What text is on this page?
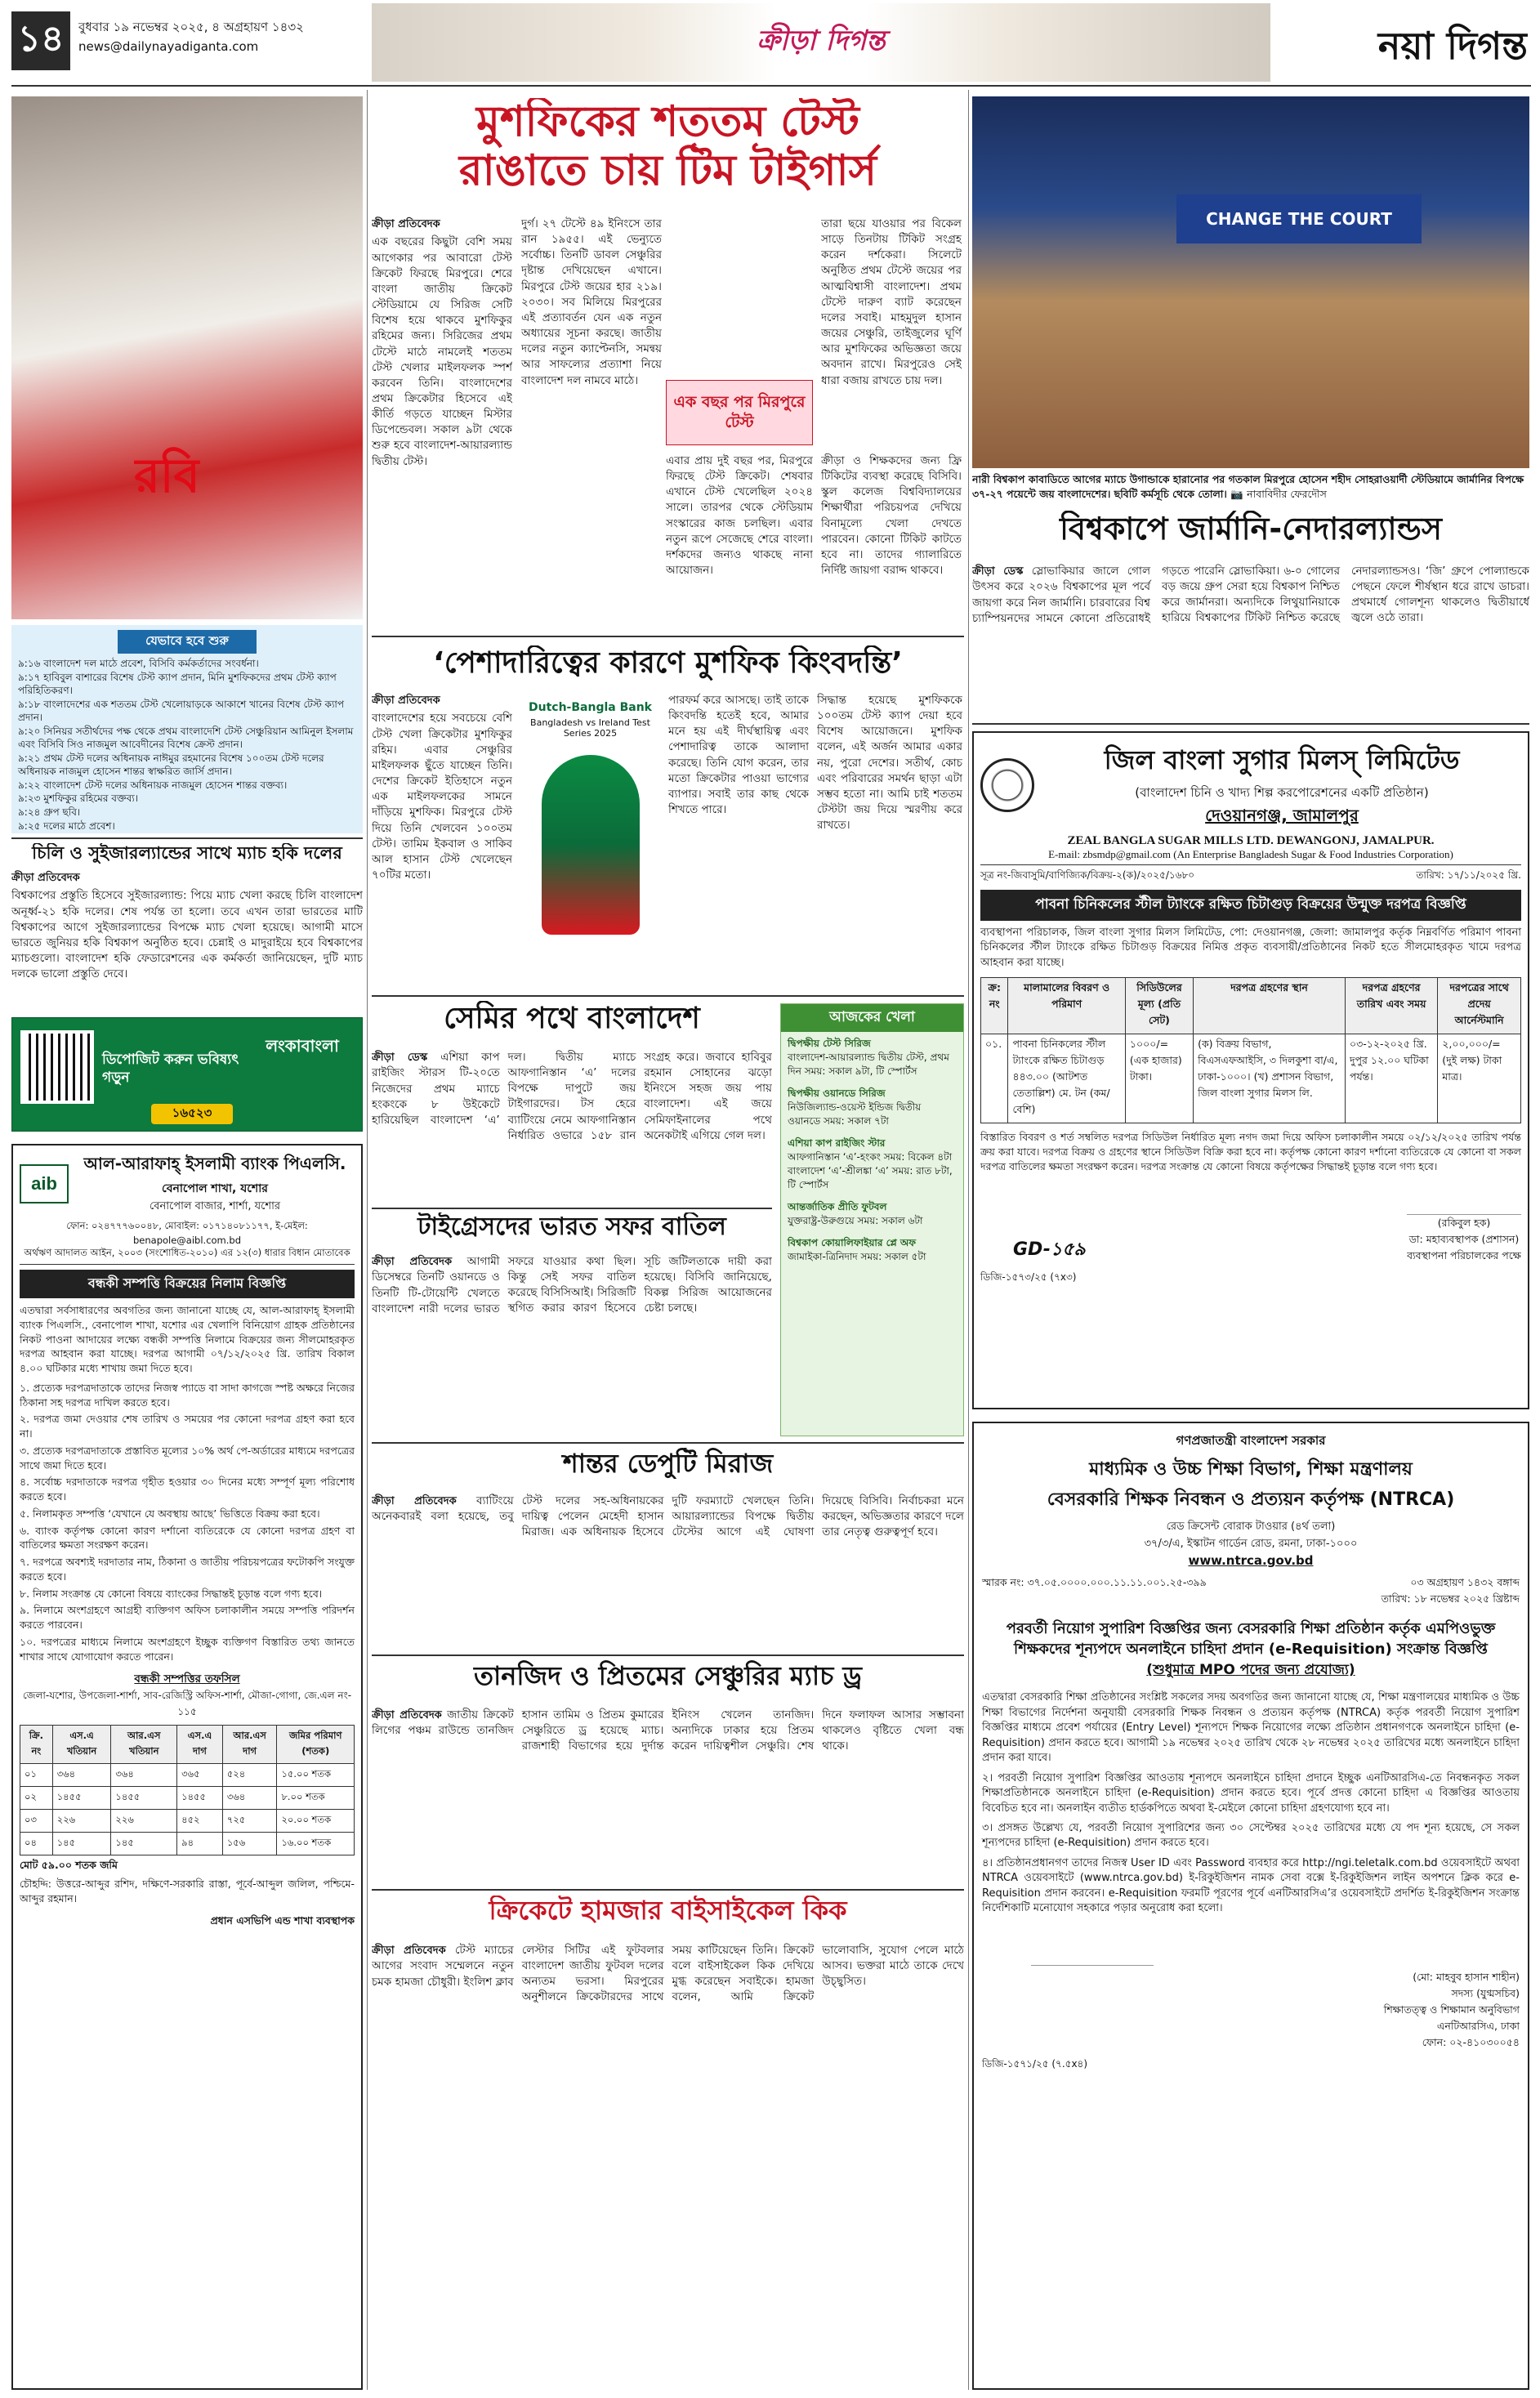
১৪ বুধবার ১৯ নভেম্বর ২০২৫, ৪ অগ্রহায়ণ ১৪৩২
news@dailynayadiganta.com	ক্রীড়া দিগন্ত	নয়া দিগন্ত
রবি
মুশফিকের শততম টেস্ট
রাঙাতে চায় টিম টাইগার্স

ক্রীড়া প্রতিবেদক

এক বছরের কিছুটা বেশি সময় আগেকার পর আবারো টেস্ট ক্রিকেট ফিরছে মিরপুরে। শেরে বাংলা জাতীয় ক্রিকেট স্টেডিয়ামে যে সিরিজ সেটি বিশেষ হয়ে থাকবে মুশফিকুর রহিমের জন্য। সিরিজের প্রথম টেস্টে মাঠে নামলেই শততম টেস্ট খেলার মাইলফলক স্পর্শ করবেন তিনি। বাংলাদেশের প্রথম ক্রিকেটার হিসেবে এই কীর্তি গড়তে যাচ্ছেন মিস্টার ডিপেন্ডেবল। সকাল ৯টা থেকে শুরু হবে বাংলাদেশ-আয়ারল্যান্ড দ্বিতীয় টেস্ট।

দুর্গ। ২৭ টেস্টে ৪৯ ইনিংসে তার রান ১৯৫৫। এই ভেন্যুতে সর্বোচ্চ। তিনটি ডাবল সেঞ্চুরির দৃষ্টান্ত দেখিয়েছেন এখানে। মিরপুরে টেস্ট জয়ের হার ২১৯। ২০৩০। সব মিলিয়ে মিরপুরের এই প্রত্যাবর্তন যেন এক নতুন অধ্যায়ের সূচনা করছে। জাতীয় দলের নতুন ক্যাপ্টেনসি, সমন্বয় আর সাফল্যের প্রত্যাশা নিয়ে বাংলাদেশ দল নামবে মাঠে।

এক বছর পর মিরপুরে টেস্ট

তারা ছয়ে যাওয়ার পর বিকেল সাড়ে তিনটায় টিকিট সংগ্রহ করেন দর্শকেরা। সিলেটে অনুষ্ঠিত প্রথম টেস্টে জয়ের পর আত্মবিশ্বাসী বাংলাদেশ। প্রথম টেস্টে দারুণ ব্যাট করেছেন দলের সবাই। মাহমুদুল হাসান জয়ের সেঞ্চুরি, তাইজুলের ঘূর্ণি আর মুশফিকের অভিজ্ঞতা জয়ে অবদান রাখে। মিরপুরেও সেই ধারা বজায় রাখতে চায় দল।

এবার প্রায় দুই বছর পর, মিরপুরে ফিরছে টেস্ট ক্রিকেট। শেষবার এখানে টেস্ট খেলেছিল ২০২৪ সালে। তারপর থেকে স্টেডিয়াম সংস্কারের কাজ চলছিল। এবার নতুন রূপে সেজেছে শেরে বাংলা। দর্শকদের জন্যও থাকছে নানা আয়োজন।

ক্রীড়া ও শিক্ষকদের জন্য ফ্রি টিকিটের ব্যবস্থা করেছে বিসিবি। স্কুল কলেজ বিশ্ববিদ্যালয়ের শিক্ষার্থীরা পরিচয়পত্র দেখিয়ে বিনামূল্যে খেলা দেখতে পারবেন। কোনো টিকিট কাটতে হবে না। তাদের গ্যালারিতে নির্দিষ্ট জায়গা বরাদ্দ থাকবে।

CHANGE THE COURT
নারী বিশ্বকাপ কাবাডিতে আগের ম্যাচে উগান্ডাকে হারানোর পর গতকাল মিরপুরে হোসেন শহীদ সোহরাওয়ার্দী স্টেডিয়ামে জার্মানির বিপক্ষে ৩৭-২৭ পয়েন্টে জয় বাংলাদেশের। ছবিটি কর্মসূচি থেকে তোলা। 📷 নাবাবিদীর ফেরদৌস
বিশ্বকাপে জার্মানি-নেদারল্যান্ডস
ক্রীড়া ডেস্ক স্লোভাকিয়ার জালে গোল উৎসব করে ২০২৬ বিশ্বকাপের মূল পর্বে জায়গা করে নিল জার্মানি। চারবারের বিশ্ব চ্যাম্পিয়নদের সামনে কোনো প্রতিরোধই গড়তে পারেনি স্লোভাকিয়া। ৬-০ গোলের বড় জয়ে গ্রুপ সেরা হয়ে বিশ্বকাপ নিশ্চিত করে জার্মানরা। অন্যদিকে লিথুয়ানিয়াকে হারিয়ে বিশ্বকাপের টিকিট নিশ্চিত করেছে নেদারল্যান্ডসও। ‘জি’ গ্রুপে পোল্যান্ডকে পেছনে ফেলে শীর্ষস্থান ধরে রাখে ডাচরা। প্রথমার্ধে গোলশূন্য থাকলেও দ্বিতীয়ার্ধে জ্বলে ওঠে তারা।
যেভাবে হবে শুরু
৯:১৬ বাংলাদেশ দল মাঠে প্রবেশ, বিসিবি কর্মকর্তাদের সংবর্ধনা।
৯:১৭ হাবিবুল বাশারের বিশেষ টেস্ট ক্যাপ প্রদান, মিনি মুশফিকদের প্রথম টেস্ট ক্যাপ পরিহিতিকরণ।
৯:১৮ বাংলাদেশের এক শততম টেস্ট খেলোয়াড়কে আকাশে খানের বিশেষ টেস্ট ক্যাপ প্রদান।
৯:২০ সিনিয়র সতীর্থদের পক্ষ থেকে প্রথম বাংলাদেশি টেস্ট সেঞ্চুরিয়ান আমিনুল ইসলাম এবং বিসিবি সিও নাজমুল আবেদীনের বিশেষ ক্রেস্ট প্রদান।
৯:২১ প্রথম টেস্ট দলের অধিনায়ক নাঈমুর রহমানের বিশেষ ১০০তম টেস্ট দলের অধিনায়ক নাজমুল হোসেন শান্তর স্বাক্ষরিত জার্সি প্রদান।
৯:২২ বাংলাদেশ টেস্ট দলের অধিনায়ক নাজমুল হোসেন শান্তর বক্তব্য।
৯:২৩ মুশফিকুর রহিমের বক্তব্য।
৯:২৪ গ্রুপ ছবি।
৯:২৫ দলের মাঠে প্রবেশ।
‘পেশাদারিত্বের কারণে মুশফিক কিংবদন্তি’

ক্রীড়া প্রতিবেদক

বাংলাদেশের হয়ে সবচেয়ে বেশি টেস্ট খেলা ক্রিকেটার মুশফিকুর রহিম। এবার সেঞ্চুরির মাইলফলক ছুঁতে যাচ্ছেন তিনি। দেশের ক্রিকেট ইতিহাসে নতুন এক মাইলফলকের সামনে দাঁড়িয়ে মুশফিক। মিরপুরে টেস্ট দিয়ে তিনি খেলবেন ১০০তম টেস্ট। তামিম ইকবাল ও সাকিব আল হাসান টেস্ট খেলেছেন ৭০টির মতো।

Dutch-Bangla Bank
Bangladesh vs Ireland Test Series 2025

পারফর্ম করে আসছে। তাই তাকে কিংবদন্তি হতেই হবে, আমার মনে হয় এই দীর্ঘস্থায়িত্ব এবং পেশাদারিত্ব তাকে আলাদা করেছে। তিনি যোগ করেন, তার মতো ক্রিকেটার পাওয়া ভাগ্যের ব্যাপার। সবাই তার কাছ থেকে শিখতে পারে।

সিদ্ধান্ত হয়েছে মুশফিককে ১০০তম টেস্ট ক্যাপ দেয়া হবে বিশেষ আয়োজনে। মুশফিক বলেন, এই অর্জন আমার একার নয়, পুরো দেশের। সতীর্থ, কোচ এবং পরিবারের সমর্থন ছাড়া এটা সম্ভব হতো না। আমি চাই শততম টেস্টটা জয় দিয়ে স্মরণীয় করে রাখতে।

জিল বাংলা সুগার মিলস্ লিমিটেড
(বাংলাদেশ চিনি ও খাদ্য শিল্প করপোরেশনের একটি প্রতিষ্ঠান)
দেওয়ানগঞ্জ, জামালপুর
ZEAL BANGLA SUGAR MILLS LTD. DEWANGONJ, JAMALPUR.
E-mail: zbsmdp@gmail.com (An Enterprise Bangladesh Sugar & Food Industries Corporation)
সূত্র নং-জিবাসুমি/বাণিজ্যিক/বিক্রয়-২(ক)/২০২৫/১৬৮০	তারিখ: ১৭/১১/২০২৫ খ্রি.
পাবনা চিনিকলের স্টীল ট্যাংকে রক্ষিত চিটাগুড় বিক্রয়ের উন্মুক্ত দরপত্র বিজ্ঞপ্তি
ব্যবস্থাপনা পরিচালক, জিল বাংলা সুগার মিলস লিমিটেড, পো: দেওয়ানগঞ্জ, জেলা: জামালপুর কর্তৃক নিম্নবর্ণিত পরিমাণ পাবনা চিনিকলের স্টীল ট্যাংকে রক্ষিত চিটাগুড় বিক্রয়ের নিমিত্ত প্রকৃত ব্যবসায়ী/প্রতিষ্ঠানের নিকট হতে সীলমোহরকৃত খামে দরপত্র আহবান করা যাচ্ছে।
ক্র: নং	মালামালের বিবরণ ও পরিমাণ	সিডিউলের মূল্য (প্রতি সেট)	দরপত্র গ্রহণের স্থান	দরপত্র গ্রহণের তারিখ এবং সময়	দরপত্রের সাথে প্রদেয় আর্নেস্টমানি
০১.	পাবনা চিনিকলের স্টীল ট্যাংকে রক্ষিত চিটাগুড় ৪৪৩.০০ (আটশত তেতাল্লিশ) মে. টন (কম/বেশি)	১০০০/= (এক হাজার) টাকা।	(ক) বিক্রয় বিভাগ, বিএসএফআইসি, ৩ দিলকুশা বা/এ, ঢাকা-১০০০। (খ) প্রশাসন বিভাগ, জিল বাংলা সুগার মিলস লি.	০৩-১২-২০২৫ খ্রি. দুপুর ১২.০০ ঘটিকা পর্যন্ত।	২,০০,০০০/= (দুই লক্ষ) টাকা মাত্র।
বিস্তারিত বিবরণ ও শর্ত সম্বলিত দরপত্র সিডিউল নির্ধারিত মূল্য নগদ জমা দিয়ে অফিস চলাকালীন সময়ে ০২/১২/২০২৫ তারিখ পর্যন্ত ক্রয় করা যাবে। দরপত্র বিক্রয় ও গ্রহণের স্থানে সিডিউল বিক্রি করা হবে না। কর্তৃপক্ষ কোনো কারণ দর্শানো ব্যতিরেকে যে কোনো বা সকল দরপত্র বাতিলের ক্ষমতা সংরক্ষণ করেন। দরপত্র সংক্রান্ত যে কোনো বিষয়ে কর্তৃপক্ষের সিদ্ধান্তই চূড়ান্ত বলে গণ্য হবে।
GD-১৫৯
(রকিবুল হক)
ডা: মহাব্যবস্থাপক (প্রশাসন)
ব্যবস্থাপনা পরিচালকের পক্ষে
ডিজি-১৫৭৩/২৫ (৭x৩)
চিলি ও সুইজারল্যান্ডের সাথে ম্যাচ হকি দলের

ক্রীড়া প্রতিবেদক

বিশ্বকাপের প্রস্তুতি হিসেবে সুইজারল্যান্ড: পিয়ে ম্যাচ খেলা করছে চিলি বাংলাদেশ অনূর্ধ্ব-২১ হকি দলের। শেষ পর্যন্ত তা হলো। তবে এখন তারা ভারতের মাটি বিশ্বকাপের আগে সুইজারল্যান্ডের বিপক্ষে ম্যাচ খেলা হয়েছে। আগামী মাসে ভারতে জুনিয়র হকি বিশ্বকাপ অনুষ্ঠিত হবে। চেন্নাই ও মাদুরাইয়ে হবে বিশ্বকাপের ম্যাচগুলো। বাংলাদেশ হকি ফেডারেশনের এক কর্মকর্তা জানিয়েছেন, দুটি ম্যাচ দলকে ভালো প্রস্তুতি দেবে।

ডিপোজিট করুন ভবিষ্যৎ গড়ুন
লংকাবাংলা
১৬৫২৩
সেমির পথে বাংলাদেশ
ক্রীড়া ডেস্ক এশিয়া কাপ রাইজিং স্টারস টি-২০তে নিজেদের প্রথম ম্যাচে হংকংকে ৮ উইকেটে হারিয়েছিল বাংলাদেশ ‘এ’ দল। দ্বিতীয় ম্যাচে আফগানিস্তান ‘এ’ দলের বিপক্ষে দাপুটে জয় টাইগারদের। টস হেরে ব্যাটিংয়ে নেমে আফগানিস্তান নির্ধারিত ওভারে ১৫৮ রান সংগ্রহ করে। জবাবে হাবিবুর রহমান সোহানের ঝড়ো ইনিংসে সহজ জয় পায় বাংলাদেশ। এই জয়ে সেমিফাইনালের পথে অনেকটাই এগিয়ে গেল দল।
আজকের খেলা
দ্বিপক্ষীয় টেস্ট সিরিজ
বাংলাদেশ-আয়ারল্যান্ড দ্বিতীয় টেস্ট, প্রথম দিন সময়: সকাল ৯টা, টি স্পোর্টস
দ্বিপক্ষীয় ওয়ানডে সিরিজ
নিউজিল্যান্ড-ওয়েস্ট ইন্ডিজ দ্বিতীয় ওয়ানডে সময়: সকাল ৭টা
এশিয়া কাপ রাইজিং স্টার
আফগানিস্তান ‘এ’-হংকং সময়: বিকেল ৪টা বাংলাদেশ ‘এ’-শ্রীলঙ্কা ‘এ’ সময়: রাত ৮টা, টি স্পোর্টস
আন্তর্জাতিক প্রীতি ফুটবল
যুক্তরাষ্ট্র-উরুগুয়ে সময়: সকাল ৬টা
বিশ্বকাপ কোয়ালিফাইয়ার প্লে অফ
জামাইকা-ত্রিনিদাদ সময়: সকাল ৫টা
টাইগ্রেসদের ভারত সফর বাতিল
ক্রীড়া প্রতিবেদক আগামী ডিসেম্বরে তিনটি ওয়ানডে ও তিনটি টি-টোয়েন্টি খেলতে বাংলাদেশ নারী দলের ভারত সফরে যাওয়ার কথা ছিল। কিন্তু সেই সফর বাতিল করেছে বিসিসিআই। সিরিজটি স্থগিত করার কারণ হিসেবে সূচি জটিলতাকে দায়ী করা হয়েছে। বিসিবি জানিয়েছে, বিকল্প সিরিজ আয়োজনের চেষ্টা চলছে।
aib
আল-আরাফাহ্ ইসলামী ব্যাংক পিএলসি.
বেনাপোল শাখা, যশোর
বেনাপোল বাজার, শার্শা, যশোর
ফোন: ০২৪৭৭৭৬০০৪৮, মোবাইল: ০১৭১৪০৮১১৭৭, ই-মেইল: benapole@aibl.com.bd
অর্থঋণ আদালত আইন, ২০০৩ (সংশোধিত-২০১০) এর ১২(৩) ধারার বিধান মোতাবেক
বন্ধকী সম্পত্তি বিক্রয়ের নিলাম বিজ্ঞপ্তি
এতদ্বারা সর্বসাধারণের অবগতির জন্য জানানো যাচ্ছে যে, আল-আরাফাহ্ ইসলামী ব্যাংক পিএলসি., বেনাপোল শাখা, যশোর এর খেলাপি বিনিয়োগ গ্রাহক প্রতিষ্ঠানের নিকট পাওনা আদায়ের লক্ষ্যে বন্ধকী সম্পত্তি নিলামে বিক্রয়ের জন্য সীলমোহরকৃত দরপত্র আহবান করা যাচ্ছে। দরপত্র আগামী ০৭/১২/২০২৫ খ্রি. তারিখ বিকাল ৪.০০ ঘটিকার মধ্যে শাখায় জমা দিতে হবে।

১. প্রত্যেক দরপত্রদাতাকে তাদের নিজস্ব প্যাডে বা সাদা কাগজে স্পষ্ট অক্ষরে নিজের ঠিকানা সহ দরপত্র দাখিল করতে হবে।

২. দরপত্র জমা দেওয়ার শেষ তারিখ ও সময়ের পর কোনো দরপত্র গ্রহণ করা হবে না।

৩. প্রত্যেক দরপত্রদাতাকে প্রস্তাবিত মূল্যের ১০% অর্থ পে-অর্ডারের মাধ্যমে দরপত্রের সাথে জমা দিতে হবে।

৪. সর্বোচ্চ দরদাতাকে দরপত্র গৃহীত হওয়ার ৩০ দিনের মধ্যে সম্পূর্ণ মূল্য পরিশোধ করতে হবে।

৫. নিলামকৃত সম্পত্তি ‘যেখানে যে অবস্থায় আছে’ ভিত্তিতে বিক্রয় করা হবে।

৬. ব্যাংক কর্তৃপক্ষ কোনো কারণ দর্শানো ব্যতিরেকে যে কোনো দরপত্র গ্রহণ বা বাতিলের ক্ষমতা সংরক্ষণ করেন।

৭. দরপত্রে অবশ্যই দরদাতার নাম, ঠিকানা ও জাতীয় পরিচয়পত্রের ফটোকপি সংযুক্ত করতে হবে।

৮. নিলাম সংক্রান্ত যে কোনো বিষয়ে ব্যাংকের সিদ্ধান্তই চূড়ান্ত বলে গণ্য হবে।

৯. নিলামে অংশগ্রহণে আগ্রহী ব্যক্তিগণ অফিস চলাকালীন সময়ে সম্পত্তি পরিদর্শন করতে পারবেন।

১০. দরপত্রের মাধ্যমে নিলামে অংশগ্রহণে ইচ্ছুক ব্যক্তিগণ বিস্তারিত তথ্য জানতে শাখার সাথে যোগাযোগ করতে পারেন।

বন্ধকী সম্পত্তির তফসিল
জেলা-যশোর, উপজেলা-শার্শা, সাব-রেজিস্ট্রি অফিস-শার্শা, মৌজা-গোগা, জে.এল নং- ১১৫
ক্রি. নং	এস.এ খতিয়ান	আর.এস খতিয়ান	এস.এ দাগ	আর.এস দাগ	জমির পরিমাণ (শতক)
০১	৩৬৪	৩৬৪	৩৬৫	৫২৪	১৫.০০ শতক
০২	১৪৫৫	১৪৫৫	১৪৫৫	৩৬৪	৮.০০ শতক
০৩	২২৬	২২৬	৪৫২	৭২৫	২০.০০ শতক
০৪	১৪৫	১৪৫	৯৪	১৫৬	১৬.০০ শতক
মোট ৫৯.০০ শতক জমি
চৌহদ্দি: উত্তরে-আব্দুর রশিদ, দক্ষিণে-সরকারি রাস্তা, পূর্বে-আব্দুল জলিল, পশ্চিমে-আব্দুর রহমান।
প্রধান এসভিপি এন্ড শাখা ব্যবস্থাপক
শান্তর ডেপুটি মিরাজ
ক্রীড়া প্রতিবেদক ব্যাটিংয়ে অনেকবারই বলা হয়েছে, তবু টেস্ট দলের সহ-অধিনায়কের দায়িত্ব পেলেন মেহেদী হাসান মিরাজ। এক অধিনায়ক হিসেবে দুটি ফরম্যাটে খেলছেন তিনি। আয়ারল্যান্ডের বিপক্ষে দ্বিতীয় টেস্টের আগে এই ঘোষণা দিয়েছে বিসিবি। নির্বাচকরা মনে করছেন, অভিজ্ঞতার কারণে দলে তার নেতৃত্ব গুরুত্বপূর্ণ হবে।
তানজিদ ও প্রিতমের সেঞ্চুরির ম্যাচ ড্র
ক্রীড়া প্রতিবেদক জাতীয় ক্রিকেট লিগের পঞ্চম রাউন্ডে তানজিদ হাসান তামিম ও প্রিতম কুমারের সেঞ্চুরিতে ড্র হয়েছে ম্যাচ। রাজশাহী বিভাগের হয়ে দুর্দান্ত ইনিংস খেলেন তানজিদ। অন্যদিকে ঢাকার হয়ে প্রিতম করেন দায়িত্বশীল সেঞ্চুরি। শেষ দিনে ফলাফল আসার সম্ভাবনা থাকলেও বৃষ্টিতে খেলা বন্ধ থাকে।
ক্রিকেটে হামজার বাইসাইকেল কিক
ক্রীড়া প্রতিবেদক টেস্ট ম্যাচের আগের সংবাদ সম্মেলনে নতুন চমক হামজা চৌধুরী। ইংলিশ ক্লাব লেস্টার সিটির এই ফুটবলার বাংলাদেশ জাতীয় ফুটবল দলের অন্যতম ভরসা। মিরপুরের অনুশীলনে ক্রিকেটারদের সাথে সময় কাটিয়েছেন তিনি। ক্রিকেট বলে বাইসাইকেল কিক দেখিয়ে মুগ্ধ করেছেন সবাইকে। হামজা বলেন, আমি ক্রিকেট ভালোবাসি, সুযোগ পেলে মাঠে আসব। ভক্তরা মাঠে তাকে দেখে উচ্ছ্বসিত।
গণপ্রজাতন্ত্রী বাংলাদেশ সরকার
মাধ্যমিক ও উচ্চ শিক্ষা বিভাগ, শিক্ষা মন্ত্রণালয়
বেসরকারি শিক্ষক নিবন্ধন ও প্রত্যয়ন কর্তৃপক্ষ (NTRCA)
রেড ক্রিসেন্ট বোরাক টাওয়ার (৪র্থ তলা)
৩৭/৩/এ, ইস্কাটন গার্ডেন রোড, রমনা, ঢাকা-১০০০
www.ntrca.gov.bd
স্মারক নং: ৩৭.০৫.০০০০.০০০.১১.১১.০০১.২৫-৩৯৯	০৩ অগ্রহায়ণ ১৪৩২ বঙ্গাব্দ
তারিখ: ১৮ নভেম্বর ২০২৫ খ্রিষ্টাব্দ
পরবর্তী নিয়োগ সুপারিশ বিজ্ঞপ্তির জন্য বেসরকারি শিক্ষা প্রতিষ্ঠান কর্তৃক এমপিওভুক্ত শিক্ষকদের শূন্যপদে অনলাইনে চাহিদা প্রদান (e-Requisition) সংক্রান্ত বিজ্ঞপ্তি
(শুধুমাত্র MPO পদের জন্য প্রযোজ্য)
এতদ্বারা বেসরকারি শিক্ষা প্রতিষ্ঠানের সংশ্লিষ্ট সকলের সদয় অবগতির জন্য জানানো যাচ্ছে যে, শিক্ষা মন্ত্রণালয়ের মাধ্যমিক ও উচ্চ শিক্ষা বিভাগের নির্দেশনা অনুযায়ী বেসরকারি শিক্ষক নিবন্ধন ও প্রত্যয়ন কর্তৃপক্ষ (NTRCA) কর্তৃক পরবর্তী নিয়োগ সুপারিশ বিজ্ঞপ্তির মাধ্যমে প্রবেশ পর্যায়ের (Entry Level) শূন্যপদে শিক্ষক নিয়োগের লক্ষ্যে প্রতিষ্ঠান প্রধানগণকে অনলাইনে চাহিদা (e-Requisition) প্রদান করতে হবে। আগামী ১৯ নভেম্বর ২০২৫ তারিখ থেকে ২৮ নভেম্বর ২০২৫ তারিখের মধ্যে অনলাইনে চাহিদা প্রদান করা যাবে।
২। পরবর্তী নিয়োগ সুপারিশ বিজ্ঞপ্তির আওতায় শূন্যপদে অনলাইনে চাহিদা প্রদানে ইচ্ছুক এনটিআরসিএ-তে নিবন্ধনকৃত সকল শিক্ষাপ্রতিষ্ঠানকে অনলাইনে চাহিদা (e-Requisition) প্রদান করতে হবে। পূর্বে প্রদত্ত কোনো চাহিদা এ বিজ্ঞপ্তির আওতায় বিবেচিত হবে না। অনলাইন ব্যতীত হার্ডকপিতে অথবা ই-মেইলে কোনো চাহিদা গ্রহণযোগ্য হবে না।
৩। প্রসঙ্গত উল্লেখ্য যে, পরবর্তী নিয়োগ সুপারিশের জন্য ৩০ সেপ্টেম্বর ২০২৫ তারিখের মধ্যে যে পদ শূন্য হয়েছে, সে সকল শূন্যপদের চাহিদা (e-Requisition) প্রদান করতে হবে।
৪। প্রতিষ্ঠানপ্রধানগণ তাদের নিজস্ব User ID এবং Password ব্যবহার করে http://ngi.teletalk.com.bd ওয়েবসাইটে অথবা NTRCA ওয়েবসাইটে (www.ntrca.gov.bd) ই-রিকুইজিশন নামক সেবা বক্সে ই-রিকুইজিশন লাইন অপশনে ক্লিক করে e-Requisition প্রদান করবেন। e-Requisition ফরমটি পূরণের পূর্বে এনটিআরসিএ’র ওয়েবসাইটে প্রদর্শিত ই-রিকুইজিশন সংক্রান্ত নির্দেশিকাটি মনোযোগ সহকারে পড়ার অনুরোধ করা হলো।
(মো: মাহবুব হাসান শাহীন)
সদস্য (যুগ্মসচিব)
শিক্ষাতত্ত্ব ও শিক্ষামান অনুবিভাগ
এনটিআরসিএ, ঢাকা
ফোন: ০২-৪১০৩০০৫৪
ডিজি-১৫৭১/২৫ (৭.৫x৪)
